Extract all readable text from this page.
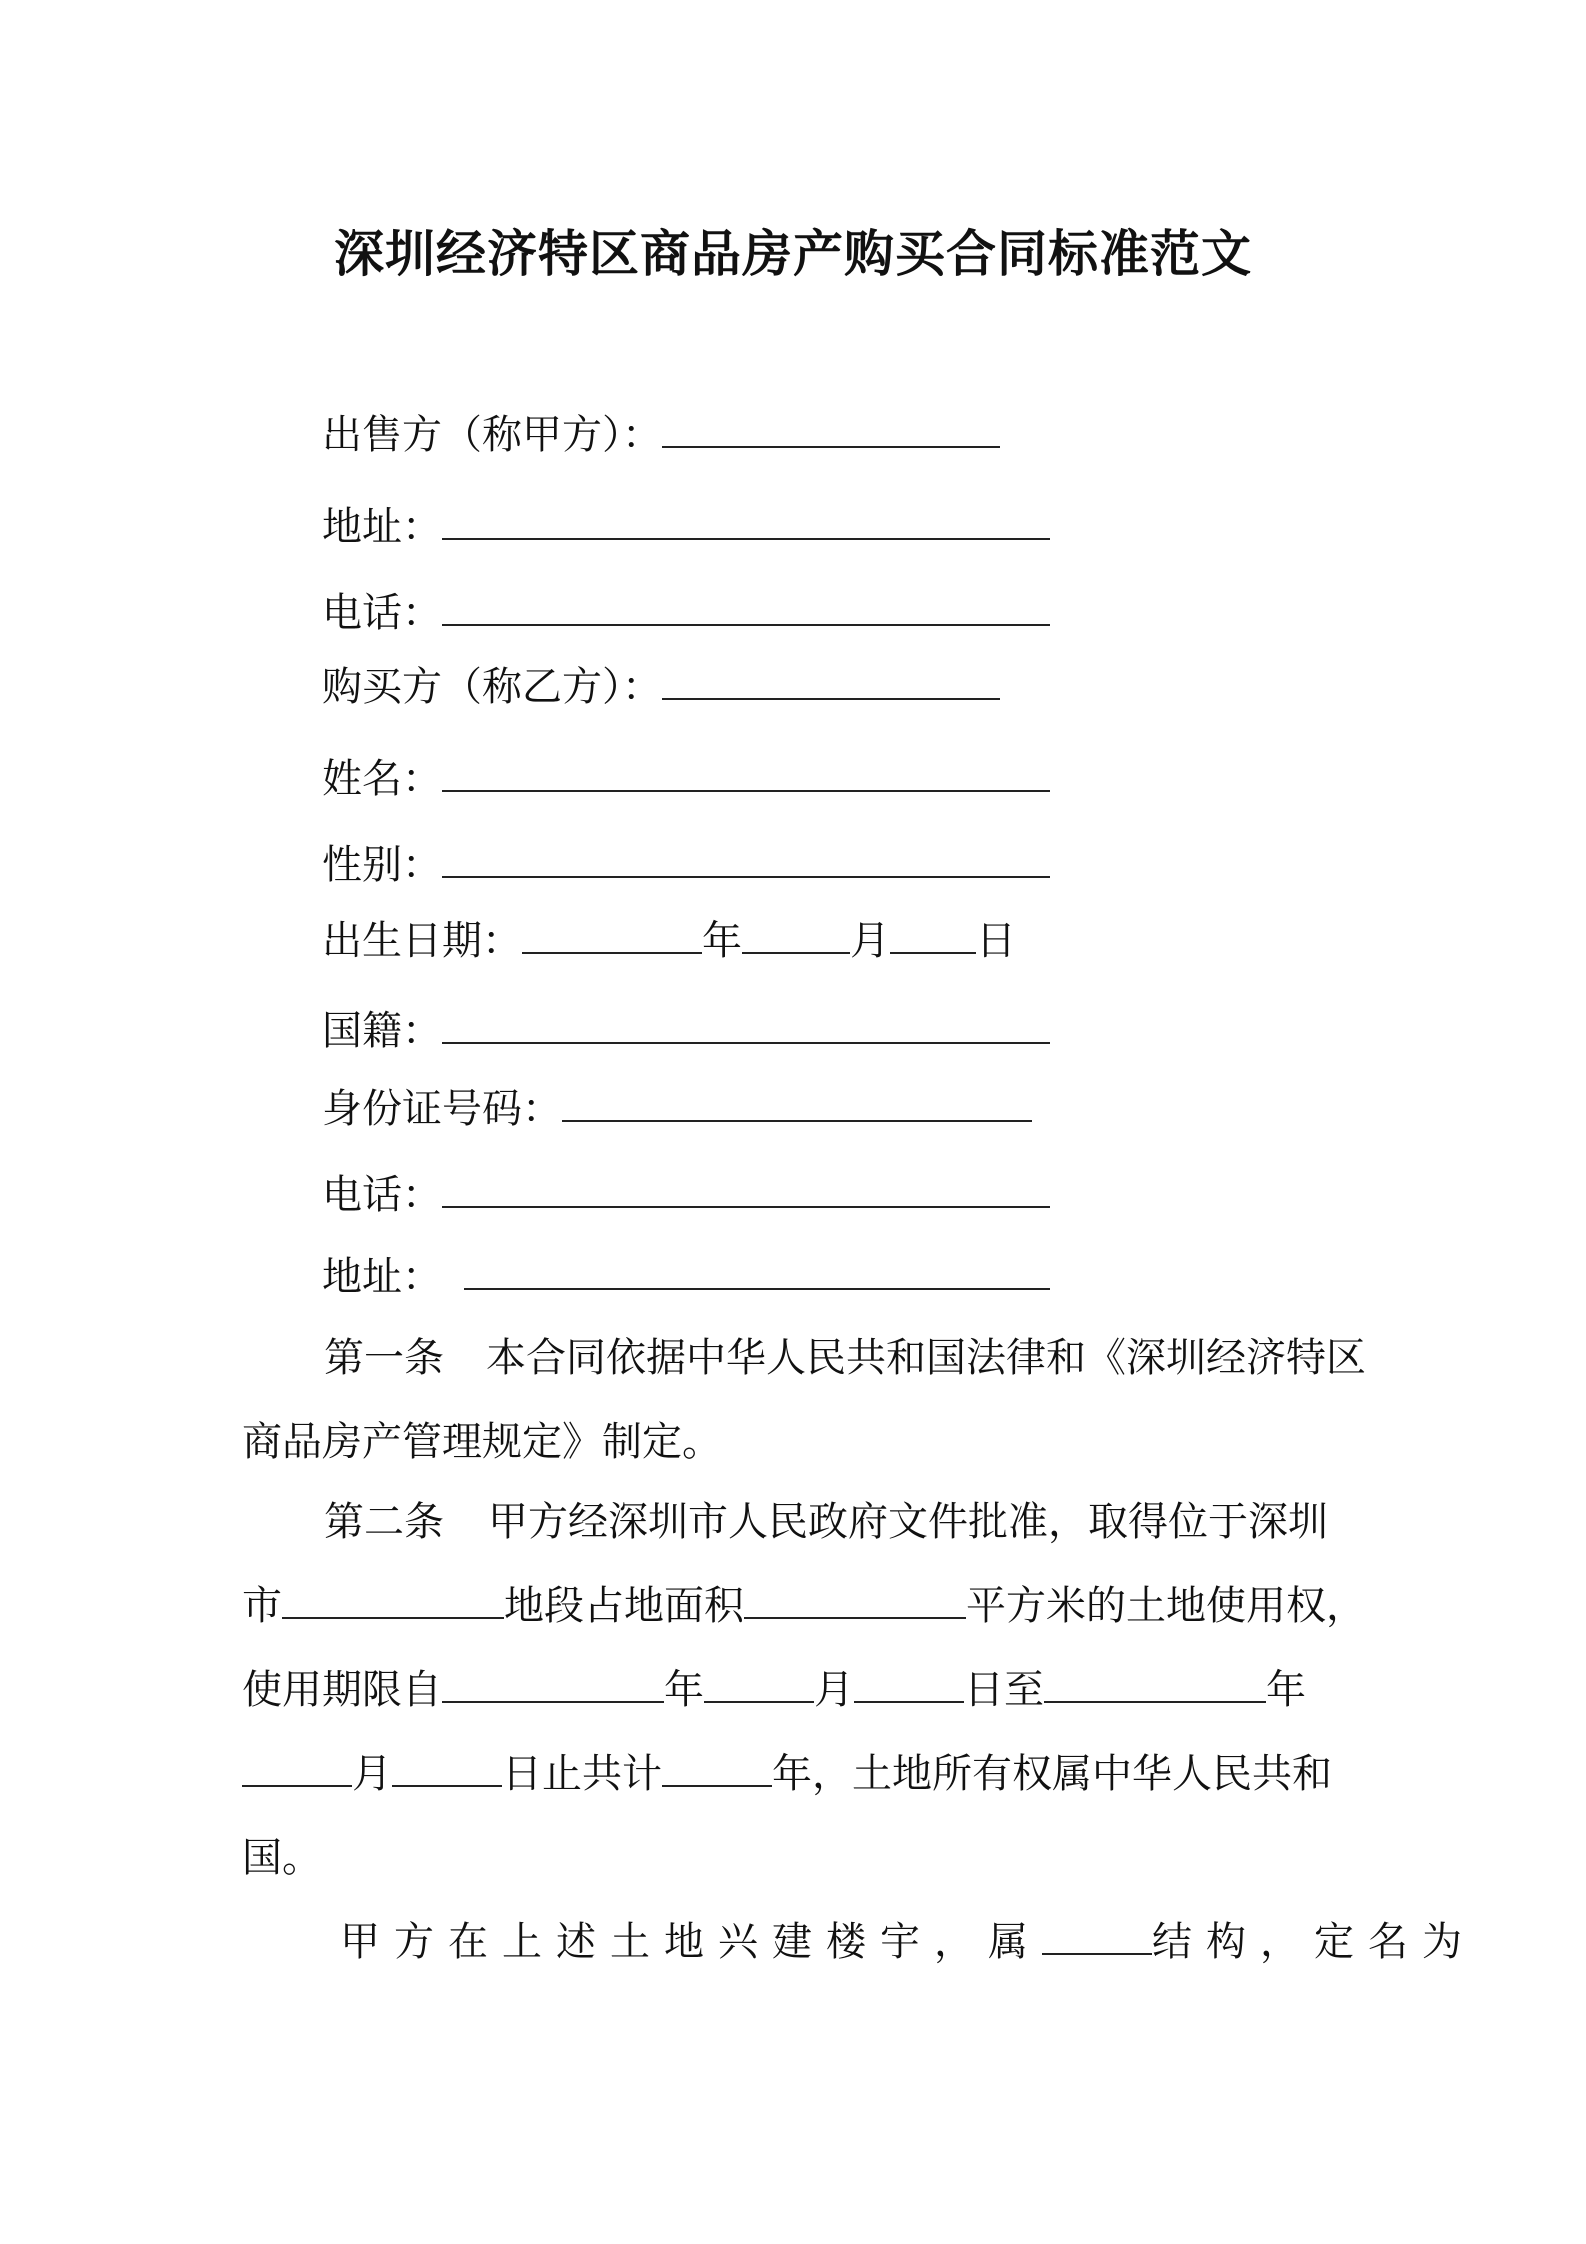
深圳经济特区商品房产购买合同标准范文
出售方（称甲方）：
地址：
电话：
购买方（称乙方）：
姓名：
性别：
出生日期：	年	月 日
国籍：
身份证号码：
电话：
地址：
第一条 本合同依据中华人民共和国法律和《深圳经济特区
商品房产管理规定》制定。
第二条 甲方经深圳市人民政府文件批准，取得位于深圳
市	地段占地面积	平方米的土地使用权，
使用期限自	年	月	日至	年
月	日止共计	年，土地所有权属中华人民共和
国。
甲方在上述土地兴建楼宇，属	结构，定名为
